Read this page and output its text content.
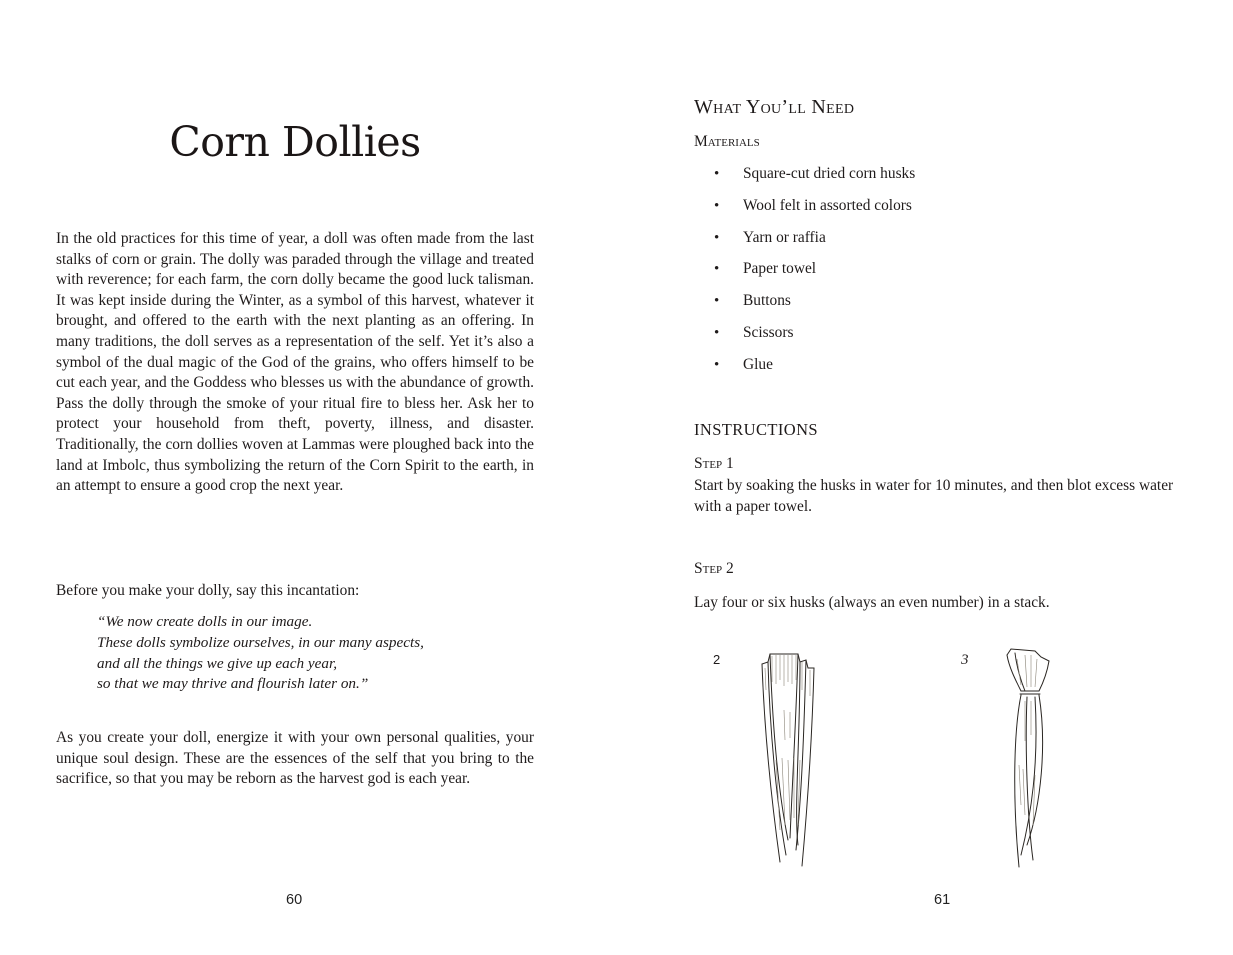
Corn Dollies

In the old practices for this time of year, a doll was often made from the last stalks of corn or grain. The dolly was paraded through the village and treated with reverence; for each farm, the corn dolly became the good luck talisman. It was kept inside during the Winter, as a symbol of this harvest, whatever it brought, and offered to the earth with the next planting as an offering. In many traditions, the doll serves as a representation of the self. Yet it’s also a symbol of the dual magic of the God of the grains, who offers himself to be cut each year, and the Goddess who blesses us with the abundance of growth. Pass the dolly through the smoke of your ritual fire to bless her. Ask her to protect your household from theft, poverty, illness, and disaster. Traditionally, the corn dollies woven at Lammas were ploughed back into the land at Imbolc, thus symbolizing the return of the Corn Spirit to the earth, in an attempt to ensure a good crop the next year.

Before you make your dolly, say this incantation:

“We now create dolls in our image.
These dolls symbolize ourselves, in our many aspects,
and all the things we give up each year,
so that we may thrive and flourish later on.”

As you create your doll, energize it with your own personal qualities, your unique soul design. These are the essences of the self that you bring to the sacrifice, so that you may be reborn as the harvest god is each year.

60
What You’ll Need
Materials
• Square-cut dried corn husks
• Wool felt in assorted colors
• Yarn or raffia
• Paper towel
• Buttons
• Scissors
• Glue
INSTRUCTIONS
Step 1

Start by soaking the husks in water for 10 minutes, and then blot excess water with a paper towel.

Step 2

Lay four or six husks (always an even number) in a stack.

2	3
61
